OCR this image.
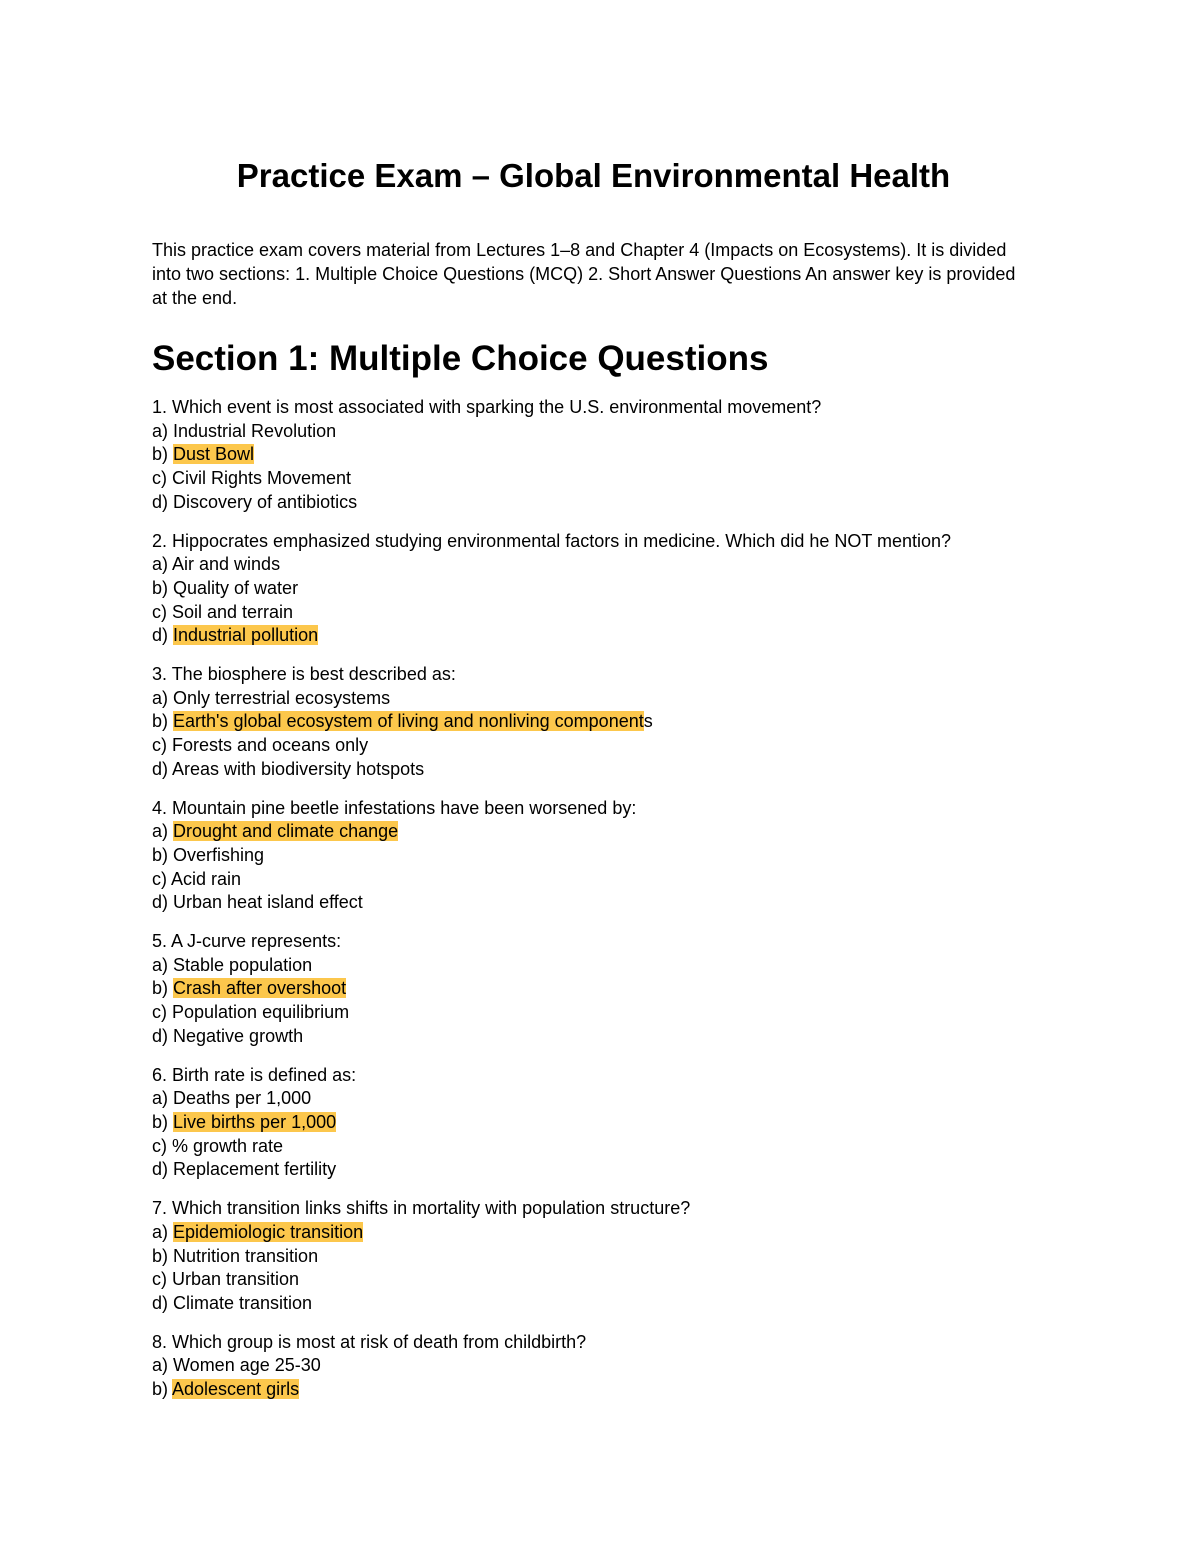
Practice Exam – Global Environmental Health

This practice exam covers material from Lectures 1–8 and Chapter 4 (Impacts on Ecosystems). It is divided into two sections: 1. Multiple Choice Questions (MCQ) 2. Short Answer Questions An answer key is provided at the end.

Section 1: Multiple Choice Questions
1. Which event is most associated with sparking the U.S. environmental movement?
a) Industrial Revolution
b) Dust Bowl
c) Civil Rights Movement
d) Discovery of antibiotics
2. Hippocrates emphasized studying environmental factors in medicine. Which did he NOT mention?
a) Air and winds
b) Quality of water
c) Soil and terrain
d) Industrial pollution
3. The biosphere is best described as:
a) Only terrestrial ecosystems
b) Earth's global ecosystem of living and nonliving components
c) Forests and oceans only
d) Areas with biodiversity hotspots
4. Mountain pine beetle infestations have been worsened by:
a) Drought and climate change
b) Overfishing
c) Acid rain
d) Urban heat island effect
5. A J-curve represents:
a) Stable population
b) Crash after overshoot
c) Population equilibrium
d) Negative growth
6. Birth rate is defined as:
a) Deaths per 1,000
b) Live births per 1,000
c) % growth rate
d) Replacement fertility
7. Which transition links shifts in mortality with population structure?
a) Epidemiologic transition
b) Nutrition transition
c) Urban transition
d) Climate transition
8. Which group is most at risk of death from childbirth?
a) Women age 25-30
b) Adolescent girls
